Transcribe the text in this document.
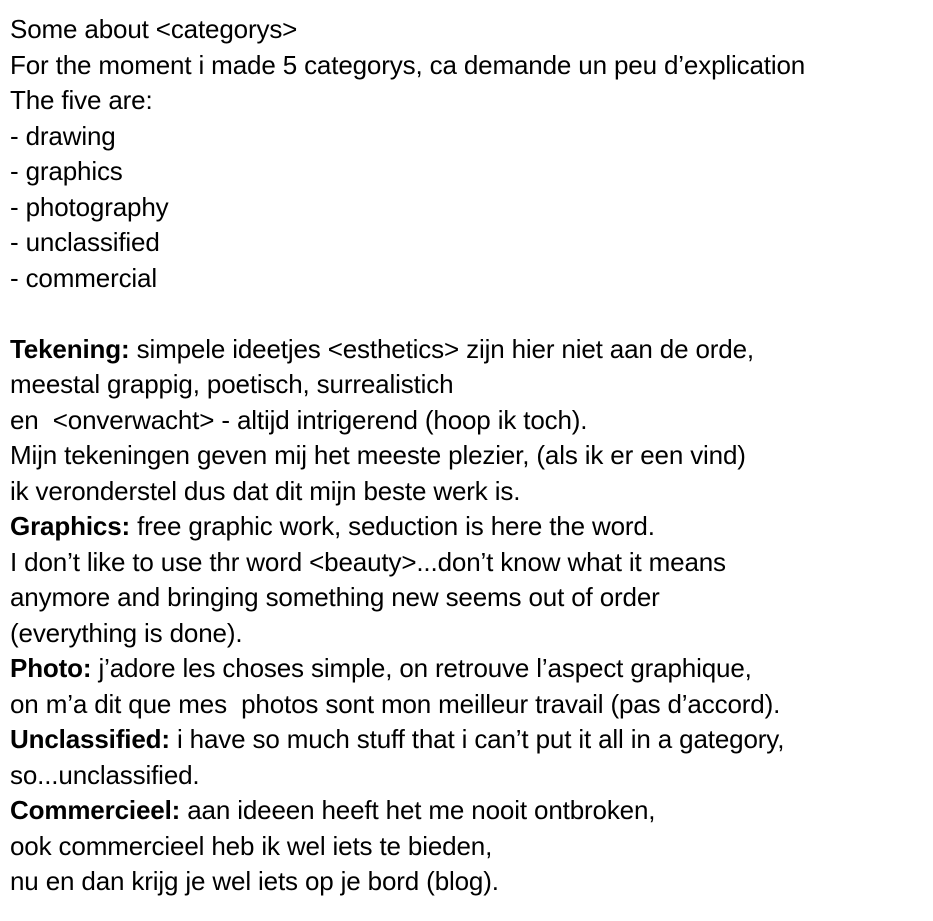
Some about <categorys>
For the moment i made 5 categorys, ca demande un peu d’explication
The five are:
- drawing
- graphics
- photography
- unclassified
- commercial
Tekening: simpele ideetjes <esthetics> zijn hier niet aan de orde,
meestal grappig, poetisch, surrealistich
en  <onverwacht> - altijd intrigerend (hoop ik toch).
Mijn tekeningen geven mij het meeste plezier, (als ik er een vind)
ik veronderstel dus dat dit mijn beste werk is.
Graphics: free graphic work, seduction is here the word.
I don’t like to use thr word <beauty>...don’t know what it means
anymore and bringing something new seems out of order
(everything is done).
Photo: j’adore les choses simple, on retrouve l’aspect graphique,
on m’a dit que mes  photos sont mon meilleur travail (pas d’accord).
Unclassified: i have so much stuff that i can’t put it all in a gategory,
so...unclassified.
Commercieel: aan ideeen heeft het me nooit ontbroken,
ook commercieel heb ik wel iets te bieden,
nu en dan krijg je wel iets op je bord (blog).
